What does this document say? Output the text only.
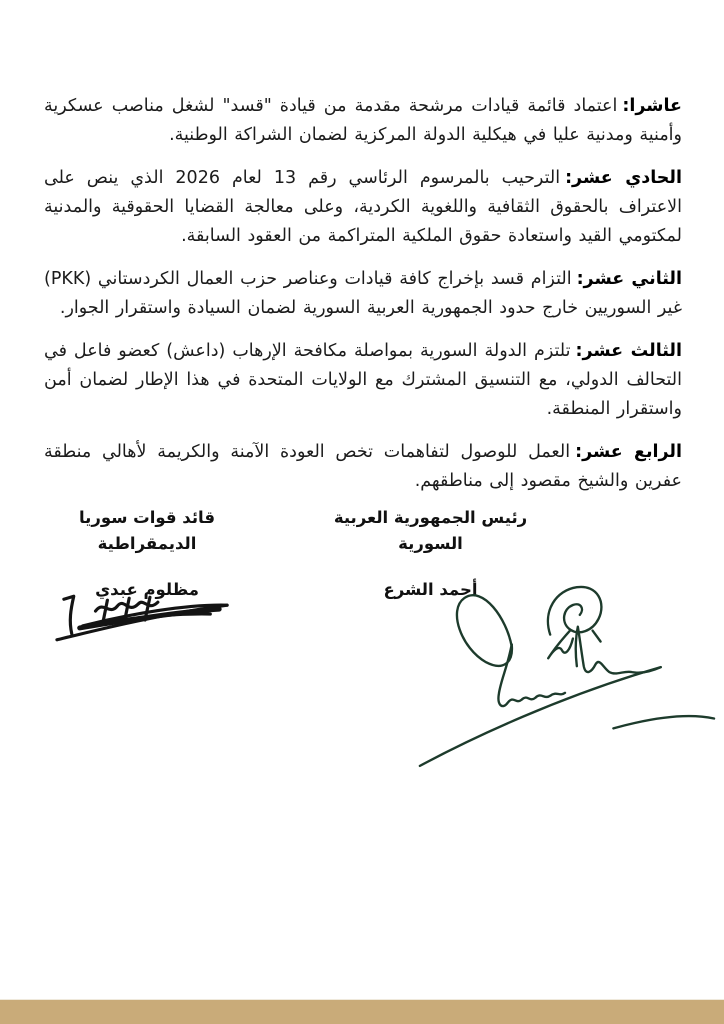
عاشرا:اعتماد قائمة قيادات مرشحة مقدمة من قيادة "قسد" لشغل مناصب عسكرية وأمنية ومدنية عليا في هيكلية الدولة المركزية لضمان الشراكة الوطنية.

الحادي عشر:الترحيب بالمرسوم الرئاسي رقم 13 لعام 2026 الذي ينص على الاعتراف بالحقوق الثقافية واللغوية الكردية، وعلى معالجة القضايا الحقوقية والمدنية لمكتومي القيد واستعادة حقوق الملكية المتراكمة من العقود السابقة.

الثاني عشر:التزام قسد بإخراج كافة قيادات وعناصر حزب العمال الكردستاني (PKK) غير السوريين خارج حدود الجمهورية العربية السورية لضمان السيادة واستقرار الجوار.

الثالث عشر:تلتزم الدولة السورية بمواصلة مكافحة الإرهاب (داعش) كعضو فاعل في التحالف الدولي، مع التنسيق المشترك مع الولايات المتحدة في هذا الإطار لضمان أمن واستقرار المنطقة.

الرابع عشر:العمل للوصول لتفاهمات تخص العودة الآمنة والكريمة لأهالي منطقة عفرين والشيخ مقصود إلى مناطقهم.

رئيس الجمهورية العربية السورية
أحمد الشرع
قائد قوات سوريا الديمقراطية
مظلوم عبدي
